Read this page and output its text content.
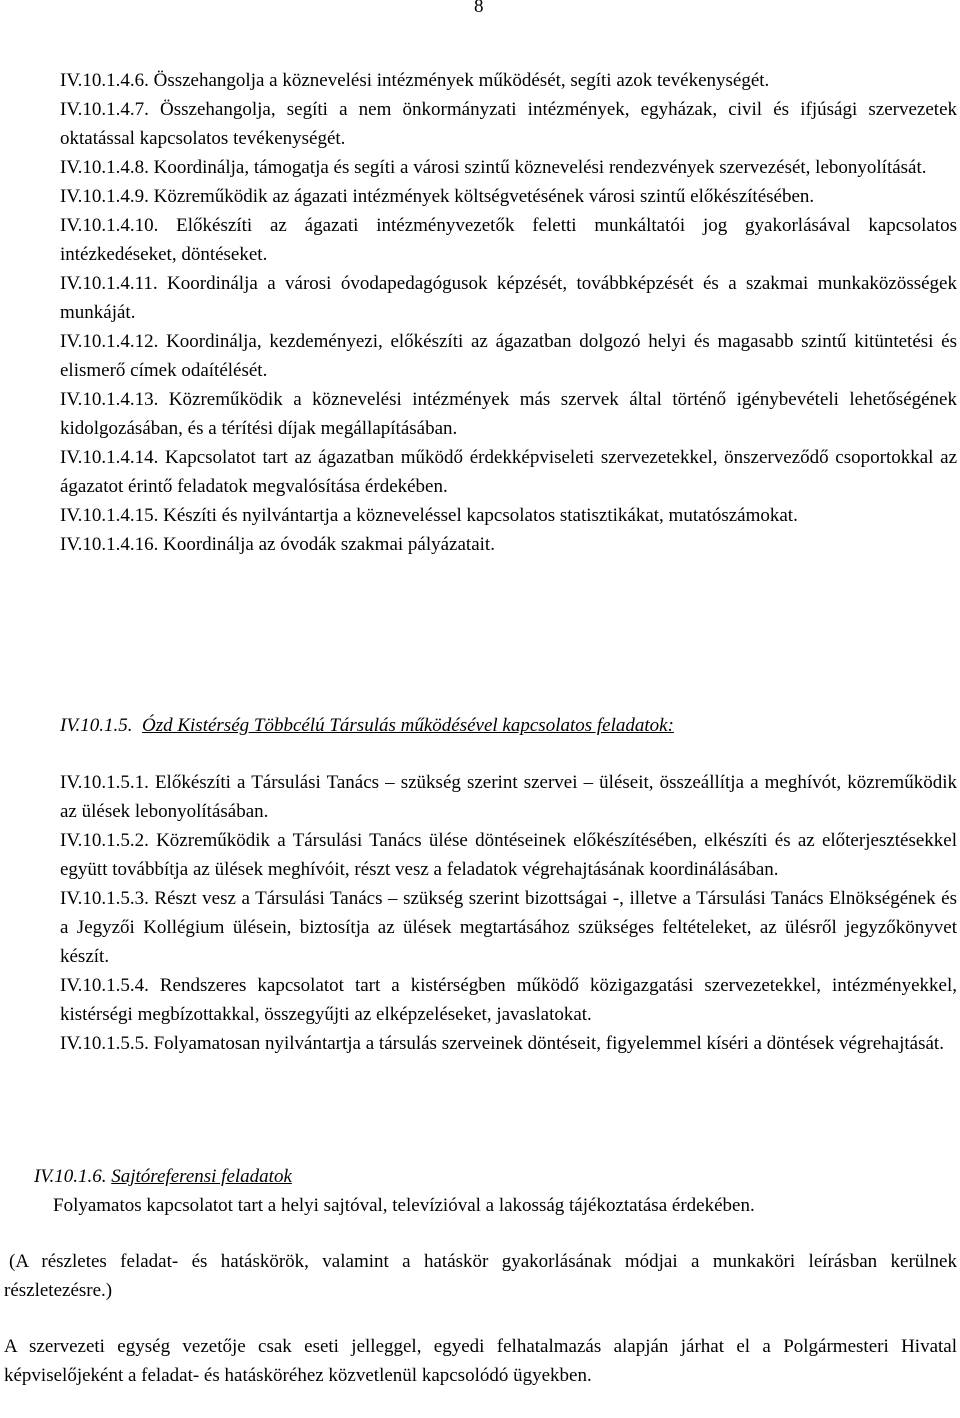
8

IV.10.1.4.6. Összehangolja a köznevelési intézmények működését, segíti azok tevékenységét.

IV.10.1.4.7. Összehangolja, segíti a nem önkormányzati intézmények, egyházak, civil és ifjúsági szervezetek oktatással kapcsolatos tevékenységét.

IV.10.1.4.8. Koordinálja, támogatja és segíti a városi szintű köznevelési rendezvények szervezését, lebonyolítását.

IV.10.1.4.9. Közreműködik az ágazati intézmények költségvetésének városi szintű előkészítésében.

IV.10.1.4.10. Előkészíti az ágazati intézményvezetők feletti munkáltatói jog gyakorlásával kapcsolatos intézkedéseket, döntéseket.

IV.10.1.4.11. Koordinálja a városi óvodapedagógusok képzését, továbbképzését és a szakmai munkaközösségek munkáját.

IV.10.1.4.12. Koordinálja, kezdeményezi, előkészíti az ágazatban dolgozó helyi és magasabb szintű kitüntetési és elismerő címek odaítélését.

IV.10.1.4.13. Közreműködik a köznevelési intézmények más szervek által történő igénybevételi lehetőségének kidolgozásában, és a térítési díjak megállapításában.

IV.10.1.4.14. Kapcsolatot tart az ágazatban működő érdekképviseleti szervezetekkel, önszerveződő csoportokkal az ágazatot érintő feladatok megvalósítása érdekében.

IV.10.1.4.15. Készíti és nyilvántartja a közneveléssel kapcsolatos statisztikákat, mutatószámokat.

IV.10.1.4.16. Koordinálja az óvodák szakmai pályázatait.

IV.10.1.5. Ózd Kistérség Többcélú Társulás működésével kapcsolatos feladatok:

IV.10.1.5.1. Előkészíti a Társulási Tanács – szükség szerint szervei – üléseit, összeállítja a meghívót, közreműködik az ülések lebonyolításában.

IV.10.1.5.2. Közreműködik a Társulási Tanács ülése döntéseinek előkészítésében, elkészíti és az előterjesztésekkel együtt továbbítja az ülések meghívóit, részt vesz a feladatok végrehajtásának koordinálásában.

IV.10.1.5.3. Részt vesz a Társulási Tanács – szükség szerint bizottságai -, illetve a Társulási Tanács Elnökségének és a Jegyzői Kollégium ülésein, biztosítja az ülések megtartásához szükséges feltételeket, az ülésről jegyzőkönyvet készít.

IV.10.1.5.4. Rendszeres kapcsolatot tart a kistérségben működő közigazgatási szervezetekkel, intézményekkel, kistérségi megbízottakkal, összegyűjti az elképzeléseket, javaslatokat.

IV.10.1.5.5. Folyamatosan nyilvántartja a társulás szerveinek döntéseit, figyelemmel kíséri a döntések végrehajtását.

IV.10.1.6. Sajtóreferensi feladatok

Folyamatos kapcsolatot tart a helyi sajtóval, televízióval a lakosság tájékoztatása érdekében.

(A részletes feladat- és hatáskörök, valamint a hatáskör gyakorlásának módjai a munkaköri leírásban kerülnek részletezésre.)

A szervezeti egység vezetője csak eseti jelleggel, egyedi felhatalmazás alapján járhat el a Polgármesteri Hivatal képviselőjeként a feladat- és hatásköréhez közvetlenül kapcsolódó ügyekben.
